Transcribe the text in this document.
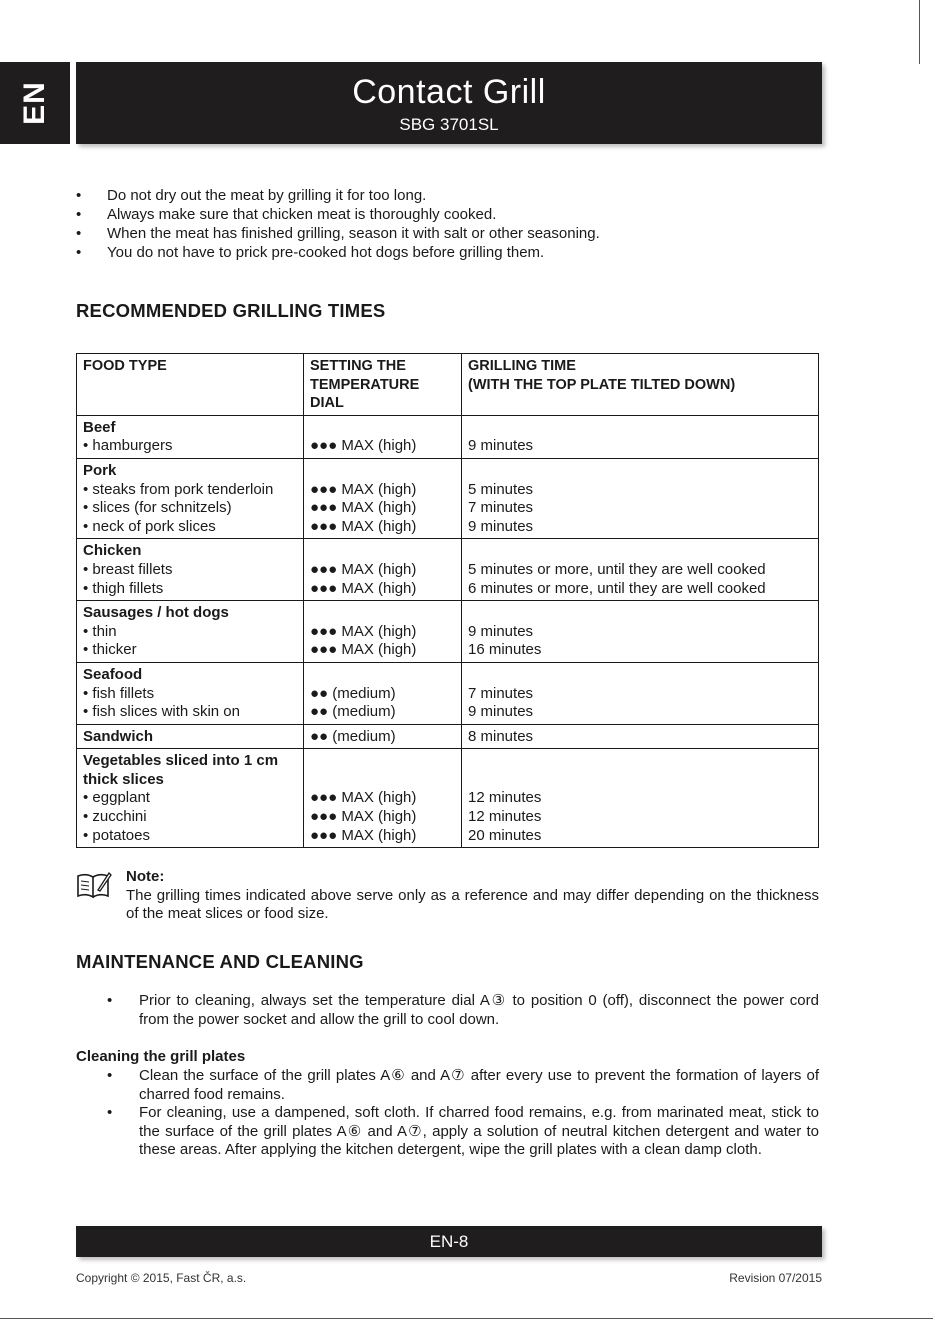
EN	Contact Grill
SBG 3701SL
• Do not dry out the meat by grilling it for too long.
• Always make sure that chicken meat is thoroughly cooked.
• When the meat has finished grilling, season it with salt or other seasoning.
• You do not have to prick pre-cooked hot dogs before grilling them.
RECOMMENDED GRILLING TIMES
FOOD TYPE	SETTING THE
TEMPERATURE
DIAL	GRILLING TIME
(WITH THE TOP PLATE TILTED DOWN)

Beef
• hamburgers	●●● MAX (high)	9 minutes

Pork
• steaks from pork tenderloin
• slices (for schnitzels)
• neck of pork slices	●●● MAX (high)
●●● MAX (high)
●●● MAX (high)	5 minutes
7 minutes
9 minutes

Chicken
• breast fillets
• thigh fillets	●●● MAX (high)
●●● MAX (high)	5 minutes or more, until they are well cooked
6 minutes or more, until they are well cooked

Sausages / hot dogs
• thin
• thicker	●●● MAX (high)
●●● MAX (high)	9 minutes
16 minutes

Seafood
• fish fillets
• fish slices with skin on	●● (medium)
●● (medium)	7 minutes
9 minutes

Sandwich	●● (medium)	8 minutes

Vegetables sliced into 1 cm
thick slices
• eggplant
• zucchini
• potatoes	●●● MAX (high)
●●● MAX (high)
●●● MAX (high)	12 minutes
12 minutes
20 minutes
Note:
The grilling times indicated above serve only as a reference and may differ depending on the thickness of the meat slices or food size.
MAINTENANCE AND CLEANING
• Prior to cleaning, always set the temperature dial A③ to position 0 (off), disconnect the power cord from the power socket and allow the grill to cool down.
Cleaning the grill plates
• Clean the surface of the grill plates A⑥ and A⑦ after every use to prevent the formation of layers of charred food remains.
• For cleaning, use a dampened, soft cloth. If charred food remains, e.g. from marinated meat, stick to the surface of the grill plates A⑥ and A⑦, apply a solution of neutral kitchen detergent and water to these areas. After applying the kitchen detergent, wipe the grill plates with a clean damp cloth.
EN-8
Copyright © 2015, Fast ČR, a.s.	Revision 07/2015
